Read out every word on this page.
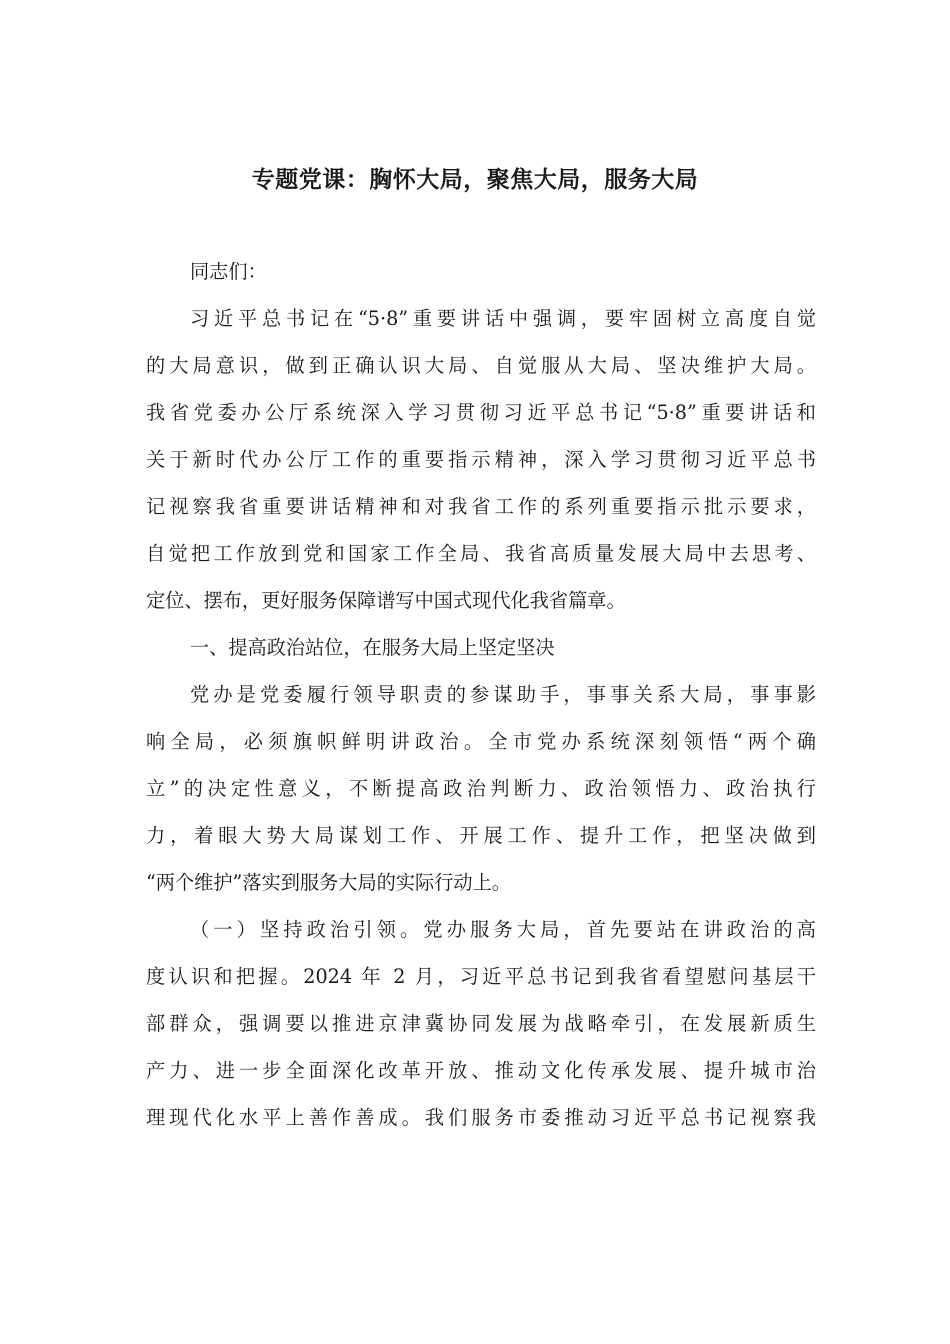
专题党课：胸怀大局，聚焦大局，服务大局
同志们：
习近平总书记在“5·8”重要讲话中强调，要牢固树立高度自觉
的大局意识，做到正确认识大局、自觉服从大局、坚决维护大局。
我省党委办公厅系统深入学习贯彻习近平总书记“5·8”重要讲话和
关于新时代办公厅工作的重要指示精神，深入学习贯彻习近平总书
记视察我省重要讲话精神和对我省工作的系列重要指示批示要求，
自觉把工作放到党和国家工作全局、我省高质量发展大局中去思考、
定位、摆布，更好服务保障谱写中国式现代化我省篇章。
一、提高政治站位，在服务大局上坚定坚决
党办是党委履行领导职责的参谋助手，事事关系大局，事事影
响全局，必须旗帜鲜明讲政治。全市党办系统深刻领悟“两个确
立”的决定性意义，不断提高政治判断力、政治领悟力、政治执行
力，着眼大势大局谋划工作、开展工作、提升工作，把坚决做到
“两个维护”落实到服务大局的实际行动上。
（一）坚持政治引领。党办服务大局，首先要站在讲政治的高
度认识和把握。2024 年 2 月，习近平总书记到我省看望慰问基层干
部群众，强调要以推进京津冀协同发展为战略牵引，在发展新质生
产力、进一步全面深化改革开放、推动文化传承发展、提升城市治
理现代化水平上善作善成。我们服务市委推动习近平总书记视察我
